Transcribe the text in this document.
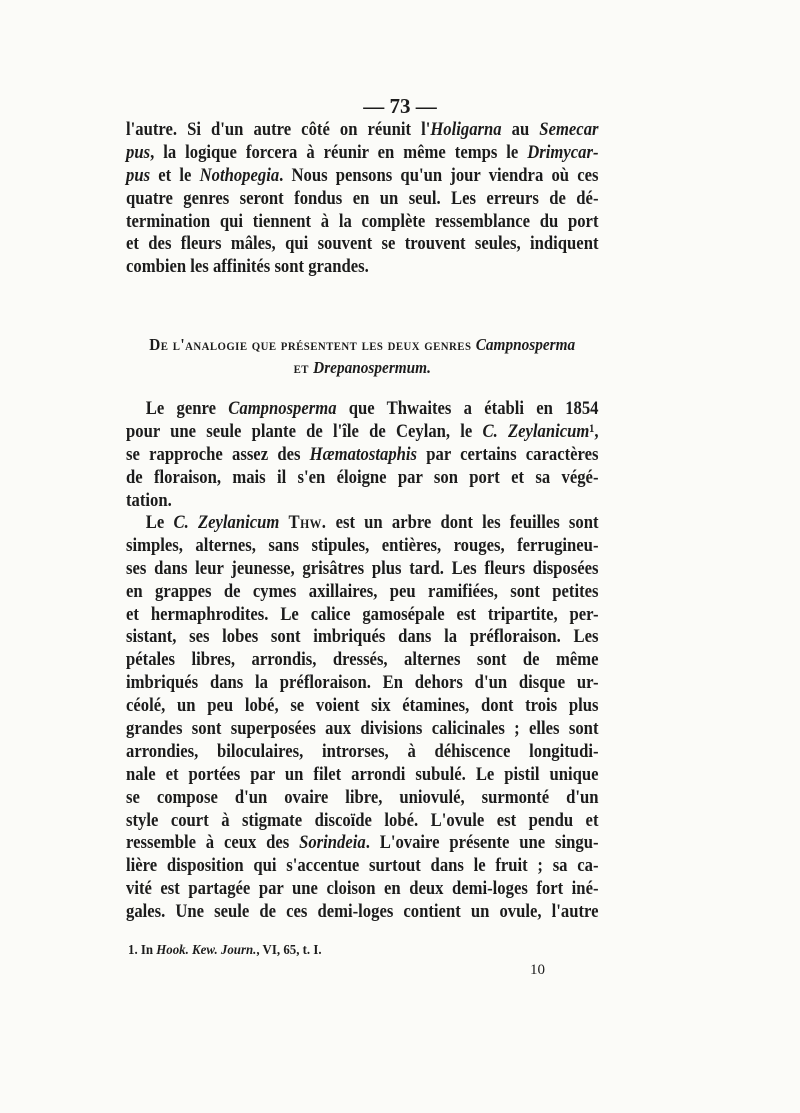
— 73 —
l'autre. Si d'un autre côté on réunit l'Holigarna au Semecar
pus, la logique forcera à réunir en même temps le Drimycar-
pus et le Nothopegia. Nous pensons qu'un jour viendra où ces
quatre genres seront fondus en un seul. Les erreurs de dé-
termination qui tiennent à la complète ressemblance du port
et des fleurs mâles, qui souvent se trouvent seules, indiquent
combien les affinités sont grandes.
De l'analogie que présentent les deux genres Campnosperma
et Drepanospermum.
Le genre Campnosperma que Thwaites a établi en 1854
pour une seule plante de l'île de Ceylan, le C. Zeylanicum¹,
se rapproche assez des Hæmatostaphis par certains caractères
de floraison, mais il s'en éloigne par son port et sa végé-
tation.
Le C. Zeylanicum Thw. est un arbre dont les feuilles sont
simples, alternes, sans stipules, entières, rouges, ferrugineu-
ses dans leur jeunesse, grisâtres plus tard. Les fleurs disposées
en grappes de cymes axillaires, peu ramifiées, sont petites
et hermaphrodites. Le calice gamosépale est tripartite, per-
sistant, ses lobes sont imbriqués dans la préfloraison. Les
pétales libres, arrondis, dressés, alternes sont de même
imbriqués dans la préfloraison. En dehors d'un disque ur-
céolé, un peu lobé, se voient six étamines, dont trois plus
grandes sont superposées aux divisions calicinales ; elles sont
arrondies, biloculaires, introrses, à déhiscence longitudi-
nale et portées par un filet arrondi subulé. Le pistil unique
se compose d'un ovaire libre, uniovulé, surmonté d'un
style court à stigmate discoïde lobé. L'ovule est pendu et
ressemble à ceux des Sorindeia. L'ovaire présente une singu-
lière disposition qui s'accentue surtout dans le fruit ; sa ca-
vité est partagée par une cloison en deux demi-loges fort iné-
gales. Une seule de ces demi-loges contient un ovule, l'autre
1. In Hook. Kew. Journ., VI, 65, t. I.
10
